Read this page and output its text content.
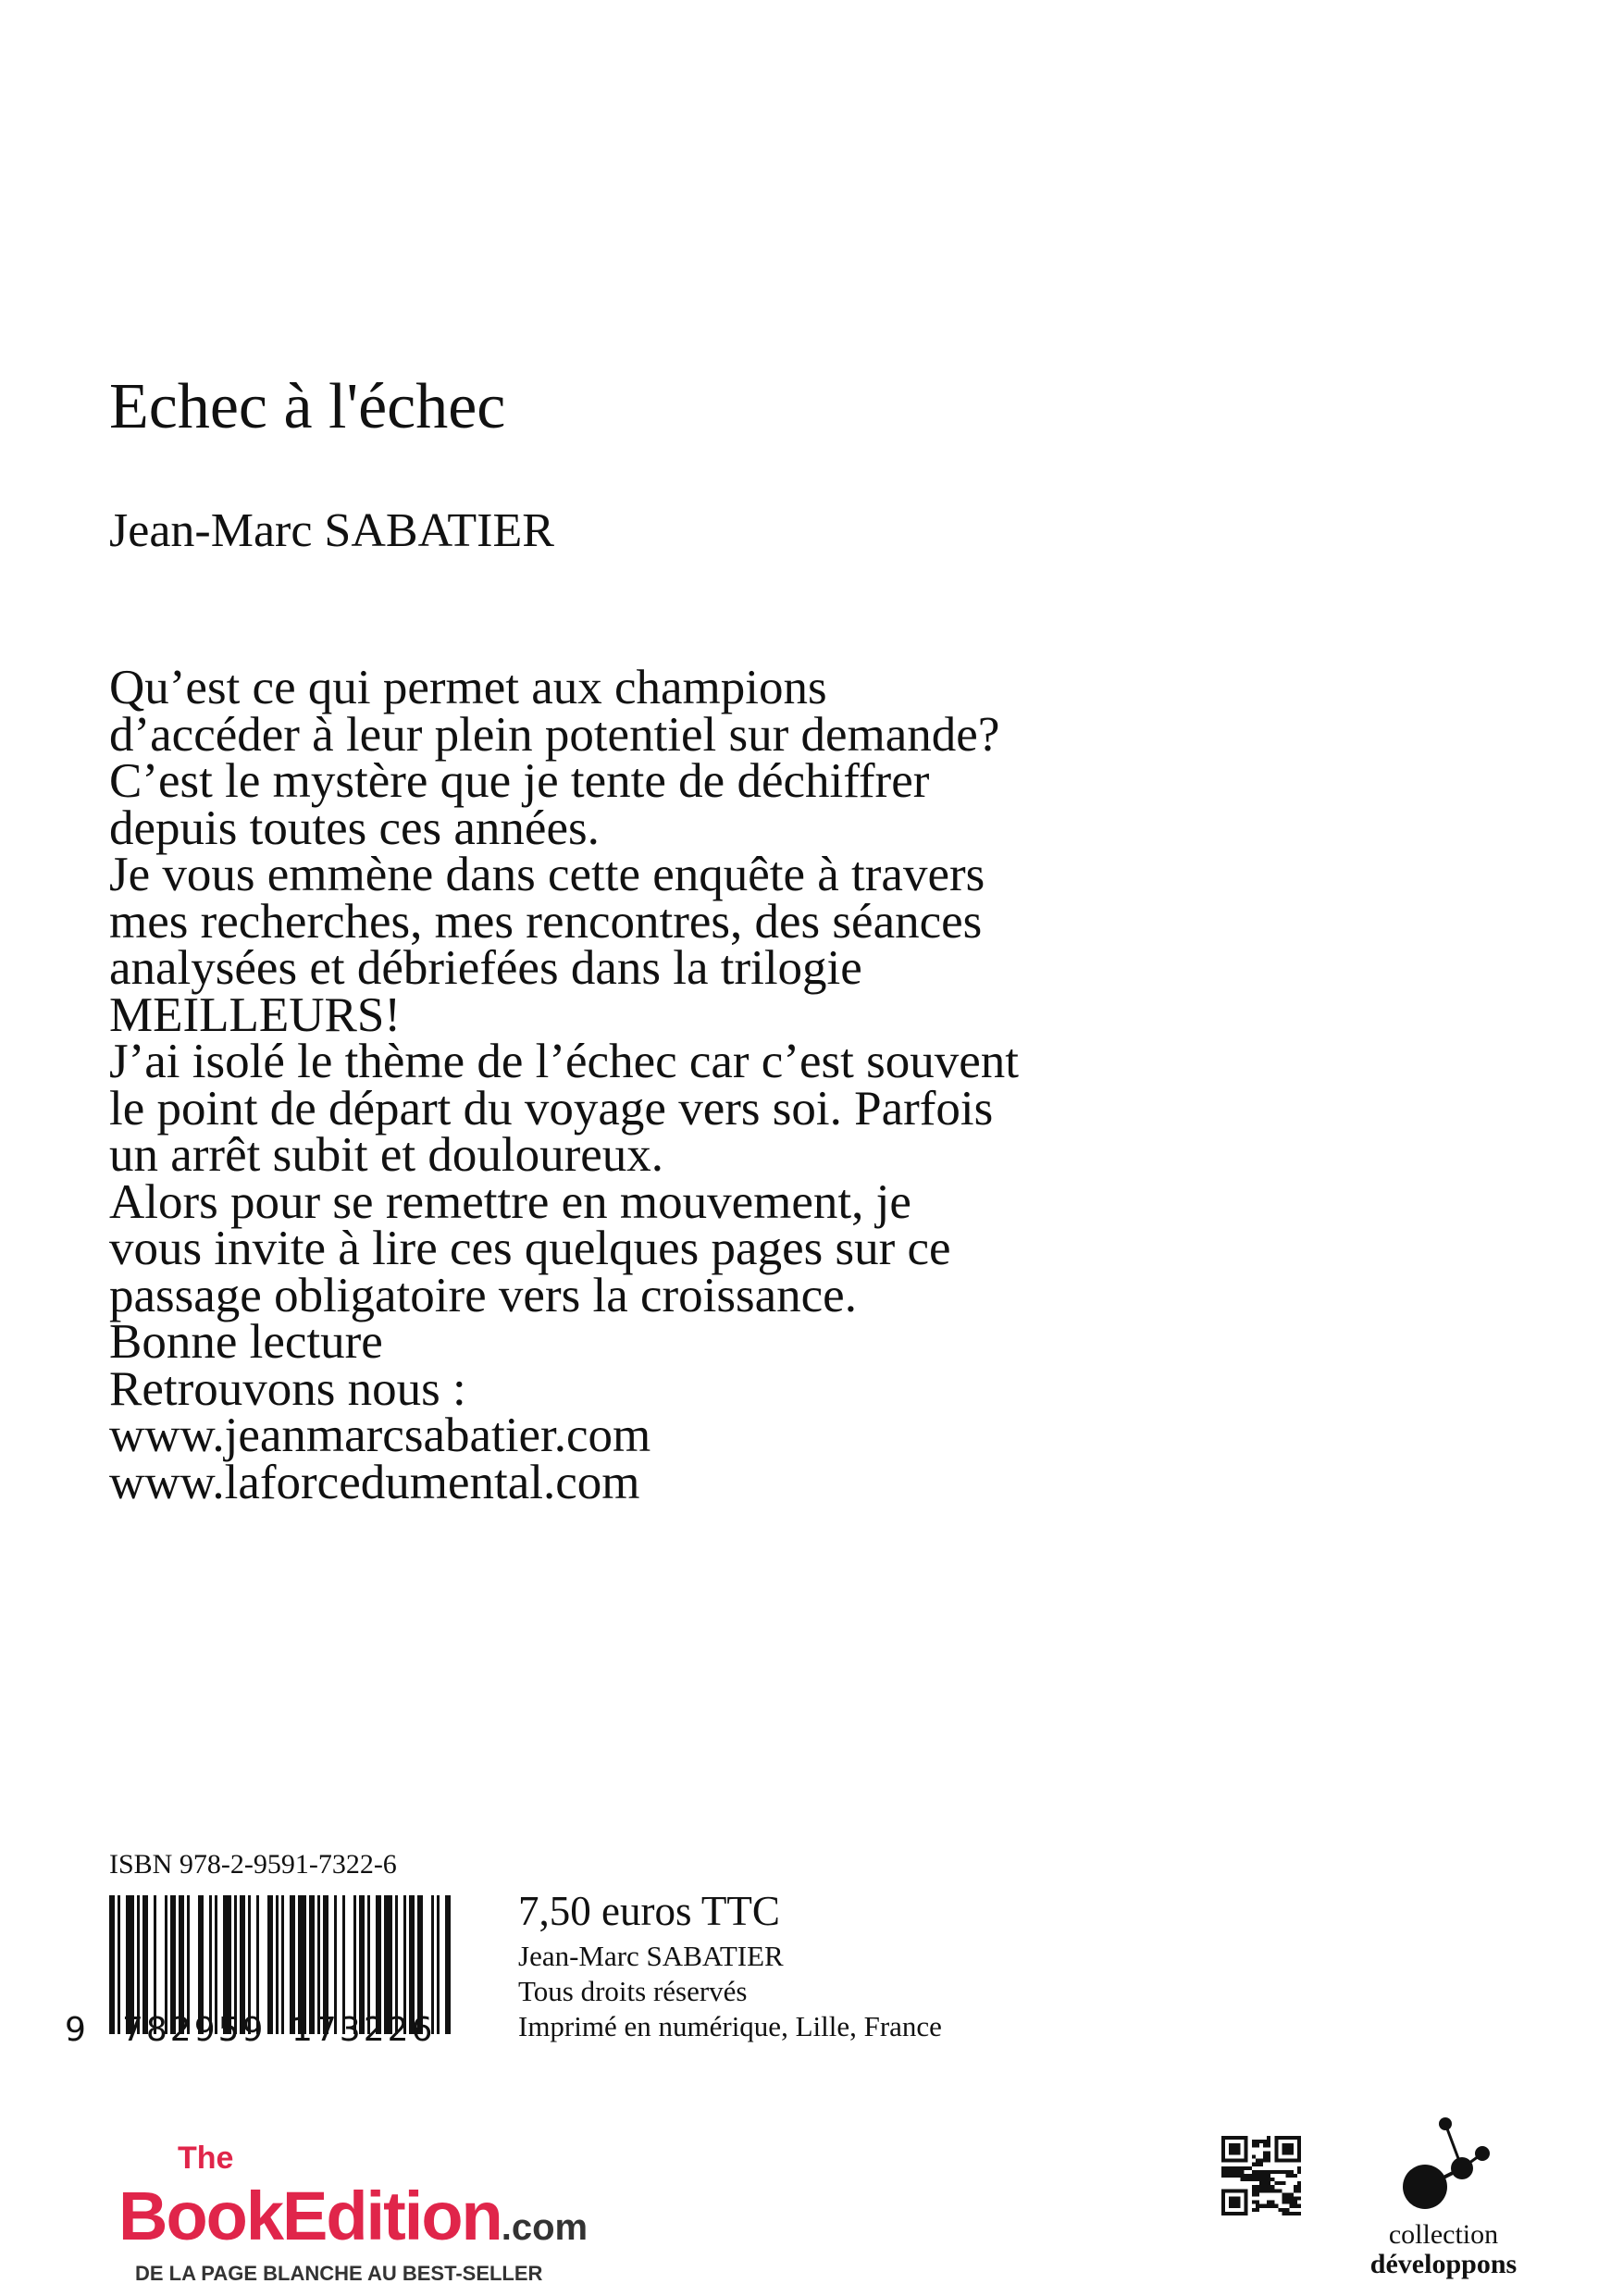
Echec à l'échec
Jean-Marc SABATIER
Qu’est ce qui permet aux champions
d’accéder à leur plein potentiel sur demande?
C’est le mystère que je tente de déchiffrer
depuis toutes ces années.
Je vous emmène dans cette enquête à travers
mes recherches, mes rencontres, des séances
analysées et débriefées dans la trilogie
MEILLEURS!
J’ai isolé le thème de l’échec car c’est souvent
le point de départ du voyage vers soi. Parfois
un arrêt subit et douloureux.
Alors pour se remettre en mouvement, je
vous invite à lire ces quelques pages sur ce
passage obligatoire vers la croissance.
Bonne lecture
Retrouvons nous :
www.jeanmarcsabatier.com
www.laforcedumental.com
ISBN 978-2-9591-7322-6
9 782959 173226
7,50 euros TTC
Jean-Marc SABATIER
Tous droits réservés
Imprimé en numérique, Lille, France
The
BookEdition.com
DE LA PAGE BLANCHE AU BEST-SELLER
collection
développons
